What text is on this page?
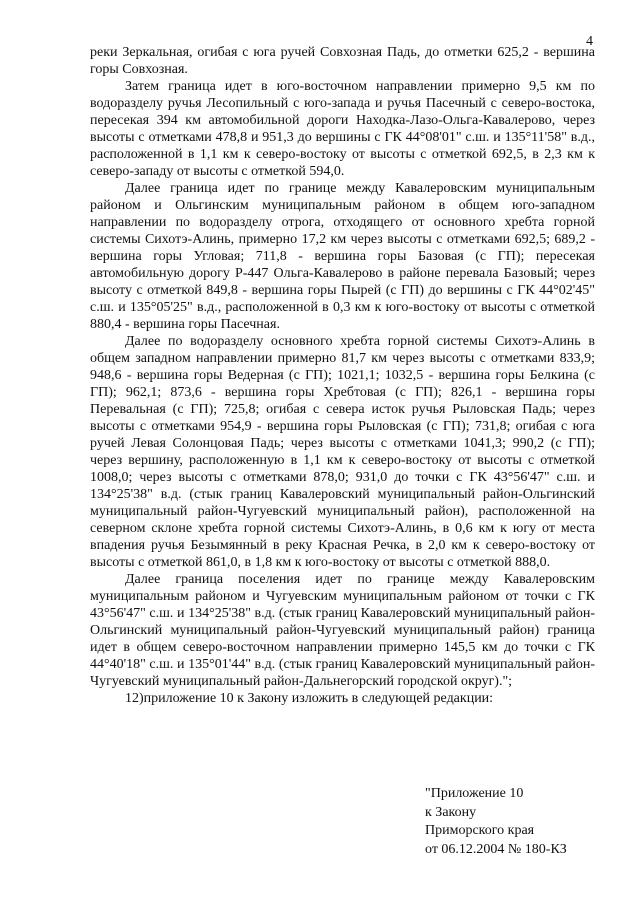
4

реки Зеркальная, огибая с юга ручей Совхозная Падь, до отметки 625,2 - вершина горы Совхозная.

Затем граница идет в юго-восточном направлении примерно 9,5 км по водоразделу ручья Лесопильный с юго-запада и ручья Пасечный с северо-востока, пересекая 394 км автомобильной дороги Находка-Лазо-Ольга-Кавалерово, через высоты с отметками 478,8 и 951,3 до вершины с ГК 44°08'01" с.ш. и 135°11'58" в.д., расположенной в 1,1 км к северо-востоку от высоты с отметкой 692,5, в 2,3 км к северо-западу от высоты с отметкой 594,0.

Далее граница идет по границе между Кавалеровским муниципальным районом и Ольгинским муниципальным районом в общем юго-западном направлении по водоразделу отрога, отходящего от основного хребта горной системы Сихотэ-Алинь, примерно 17,2 км через высоты с отметками 692,5; 689,2 - вершина горы Угловая; 711,8 - вершина горы Базовая (с ГП); пересекая автомобильную дорогу Р-447 Ольга-Кавалерово в районе перевала Базовый; через высоту с отметкой 849,8 - вершина горы Пырей (с ГП) до вершины с ГК 44°02'45" с.ш. и 135°05'25" в.д., расположенной в 0,3 км к юго-востоку от высоты с отметкой 880,4 - вершина горы Пасечная.

Далее по водоразделу основного хребта горной системы Сихотэ-Алинь в общем западном направлении примерно 81,7 км через высоты с отметками 833,9; 948,6 - вершина горы Ведерная (с ГП); 1021,1; 1032,5 - вершина горы Белкина (с ГП); 962,1; 873,6 - вершина горы Хребтовая (с ГП); 826,1 - вершина горы Перевальная (с ГП); 725,8; огибая с севера исток ручья Рыловская Падь; через высоты с отметками 954,9 - вершина горы Рыловская (с ГП); 731,8; огибая с юга ручей Левая Солонцовая Падь; через высоты с отметками 1041,3; 990,2 (с ГП); через вершину, расположенную в 1,1 км к северо-востоку от высоты с отметкой 1008,0; через высоты с отметками 878,0; 931,0 до точки с ГК 43°56'47" с.ш. и 134°25'38" в.д. (стык границ Кавалеровский муниципальный район-Ольгинский муниципальный район-Чугуевский муниципальный район), расположенной на северном склоне хребта горной системы Сихотэ-Алинь, в 0,6 км к югу от места впадения ручья Безымянный в реку Красная Речка, в 2,0 км к северо-востоку от высоты с отметкой 861,0, в 1,8 км к юго-востоку от высоты с отметкой 888,0.

Далее граница поселения идет по границе между Кавалеровским муниципальным районом и Чугуевским муниципальным районом от точки с ГК 43°56'47" с.ш. и 134°25'38" в.д. (стык границ Кавалеровский муниципальный район-Ольгинский муниципальный район-Чугуевский муниципальный район) граница идет в общем северо-восточном направлении примерно 145,5 км до точки с ГК 44°40'18" с.ш. и 135°01'44" в.д. (стык границ Кавалеровский муниципальный район-Чугуевский муниципальный район-Дальнегорский городской округ).";

12)приложение 10 к Закону изложить в следующей редакции:

"Приложение 10
к Закону
Приморского края
от 06.12.2004 № 180-КЗ
